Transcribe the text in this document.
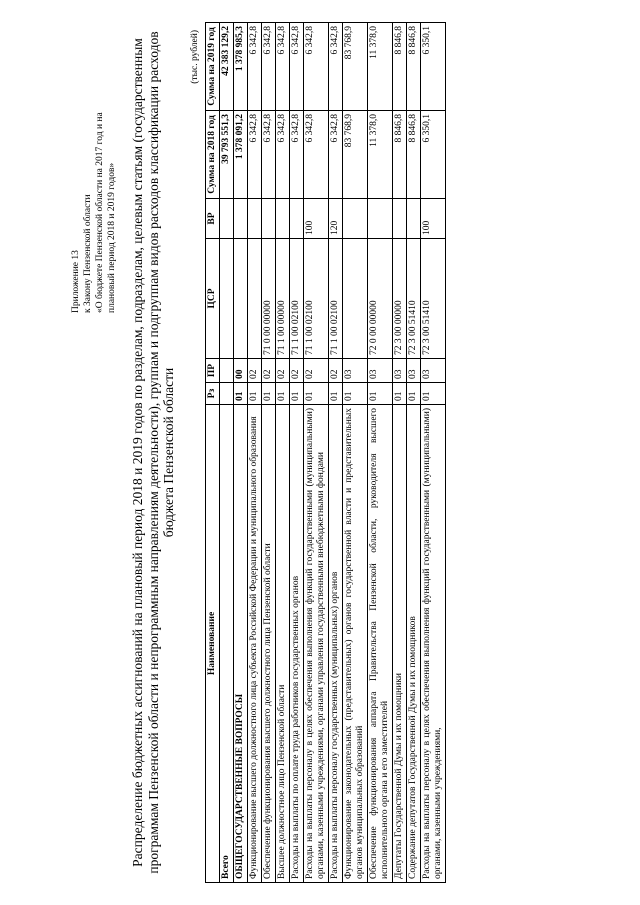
Приложение 13 к Закону Пензенской области «О бюджете Пензенской области на 2017 год и на плановый период 2018 и 2019 годов» Распределение бюджетных ассигнований на плановый период 2018 и 2019 годов по разделам, подразделам, целевым статьям (государственным программам Пензенской области и непрограммным направлениям деятельности), группам и подгруппам видов расходов классификации расходов бюджета Пензенской области
(тыс. рублей)
Наименование	Рз	ПР	ЦСР	ВР	Сумма на 2018 год	Сумма на 2019 год
Всего					39 793 551,3	42 383 129,2
ОБЩЕГОСУДАРСТВЕННЫЕ ВОПРОСЫ	01	00			1 378 091,2	1 378 985,3
Функционирование высшего должностного лица субъекта Российской Федерации и муниципального образования	01	02			6 342,8	6 342,8
Обеспечение функционирования высшего должностного лица Пензенской области	01	02	71 0 00 00000		6 342,8	6 342,8
Высшее должностное лицо Пензенской области	01	02	71 1 00 00000		6 342,8	6 342,8
Расходы на выплаты по оплате труда работников государственных органов	01	02	71 1 00 02100		6 342,8	6 342,8
Расходы на выплаты персоналу в целях обеспечения выполнения функций государственными (муниципальными) органами, казенными учреждениями, органами управления государственными внебюджетными фондами	01	02	71 1 00 02100	100	6 342,8	6 342,8
Расходы на выплаты персоналу государственных (муниципальных) органов	01	02	71 1 00 02100	120	6 342,8	6 342,8
Функционирование законодательных (представительных) органов государственной власти и представительных органов муниципальных образований	01	03			83 768,9	83 768,9
Обеспечение функционирования аппарата Правительства Пензенской области, руководителя высшего исполнительного органа и его заместителей	01	03	72 0 00 00000		11 378,0	11 378,0
Депутаты Государственной Думы и их помощники	01	03	72 3 00 00000		8 846,8	8 846,8
Содержание депутатов Государственной Думы и их помощников	01	03	72 3 00 51410		8 846,8	8 846,8
Расходы на выплаты персоналу в целях обеспечения выполнения функций государственными (муниципальными) органами, казенными учреждениями,	01	03	72 3 00 51410	100	6 350,1	6 350,1
